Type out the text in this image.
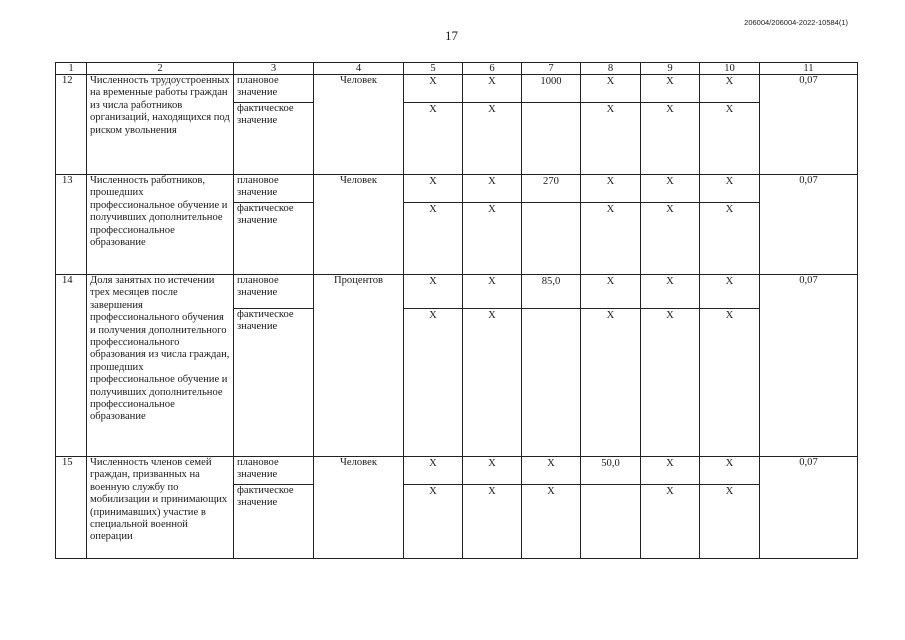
17
206004/206004-2022-10584(1)
1	2	3	4	5	6	7	8	9	10	11
12	Численность трудоустроенных на временные работы граждан из числа работников организаций, находящихся под риском увольнения	плановое значение	Человек	X	X	1000	X	X	X	0,07
		фактическое значение		X	X		X	X	X	
13	Численность работников, прошедших профессиональное обучение и получивших дополнительное профессиональное образование	плановое значение	Человек	X	X	270	X	X	X	0,07
		фактическое значение		X	X		X	X	X	
14	Доля занятых по истечении трех месяцев после завершения профессионального обучения и получения дополнительного профессионального образования из числа граждан, прошедших профессиональное обучение и получивших дополнительное профессиональное образование	плановое значение	Процентов	X	X	85,0	X	X	X	0,07
		фактическое значение		X	X		X	X	X	
15	Численность членов семей граждан, призванных на военную службу по мобилизации и принимающих (принимавших) участие в специальной военной операции	плановое значение	Человек	X	X	X	50,0	X	X	0,07
		фактическое значение		X	X	X		X	X	
